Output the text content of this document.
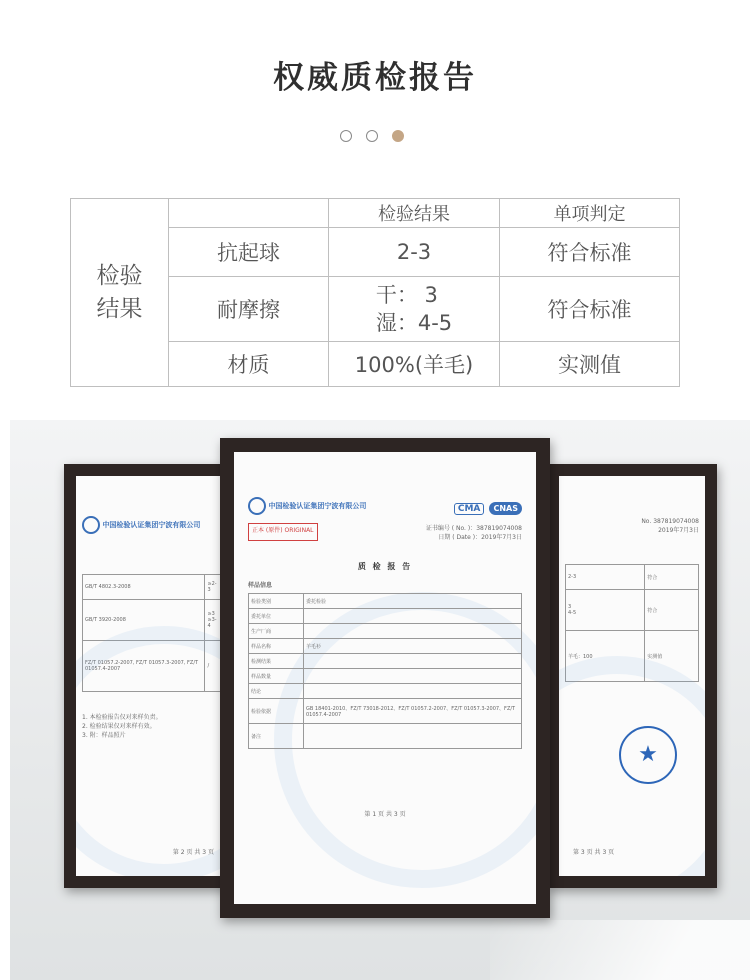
权威质检报告
检验
结果		检验结果	单项判定
	抗起球	2-3	符合标准
	耐摩擦	干： 3
湿：4-5	符合标准
	材质	100%(羊毛)	实测值
中国检验认证集团宁波有限公司
GB/T 4802.3-2008	≥2-3
GB/T 3920-2008	≥3
≥3-4
FZ/T 01057.2-2007, FZ/T 01057.3-2007, FZ/T 01057.4-2007	/
1. 本检验报告仅对来样负责。
2. 检验结果仅对来样有效。
3. 附：样品照片
第 2 页 共 3 页
No. 387819074008
2019年7月3日
2-3	符合
3
4-5	符合
羊毛：100	实测值
★
第 3 页 共 3 页
中国检验认证集团宁波有限公司	CMA CNAS
正本 (原件) ORIGINAL	证书编号 ( No. )：387819074008
日期 ( Date )：2019年7月3日
质 检 报 告
样品信息
检验类别	委托检验
委托单位	
生产厂商	
样品名称	羊毛衫
检测结果	
样品数量	
结论	
检验依据	GB 18401-2010、FZ/T 73018-2012、FZ/T 01057.2-2007、FZ/T 01057.3-2007、FZ/T 01057.4-2007
备注	
第 1 页 共 3 页
